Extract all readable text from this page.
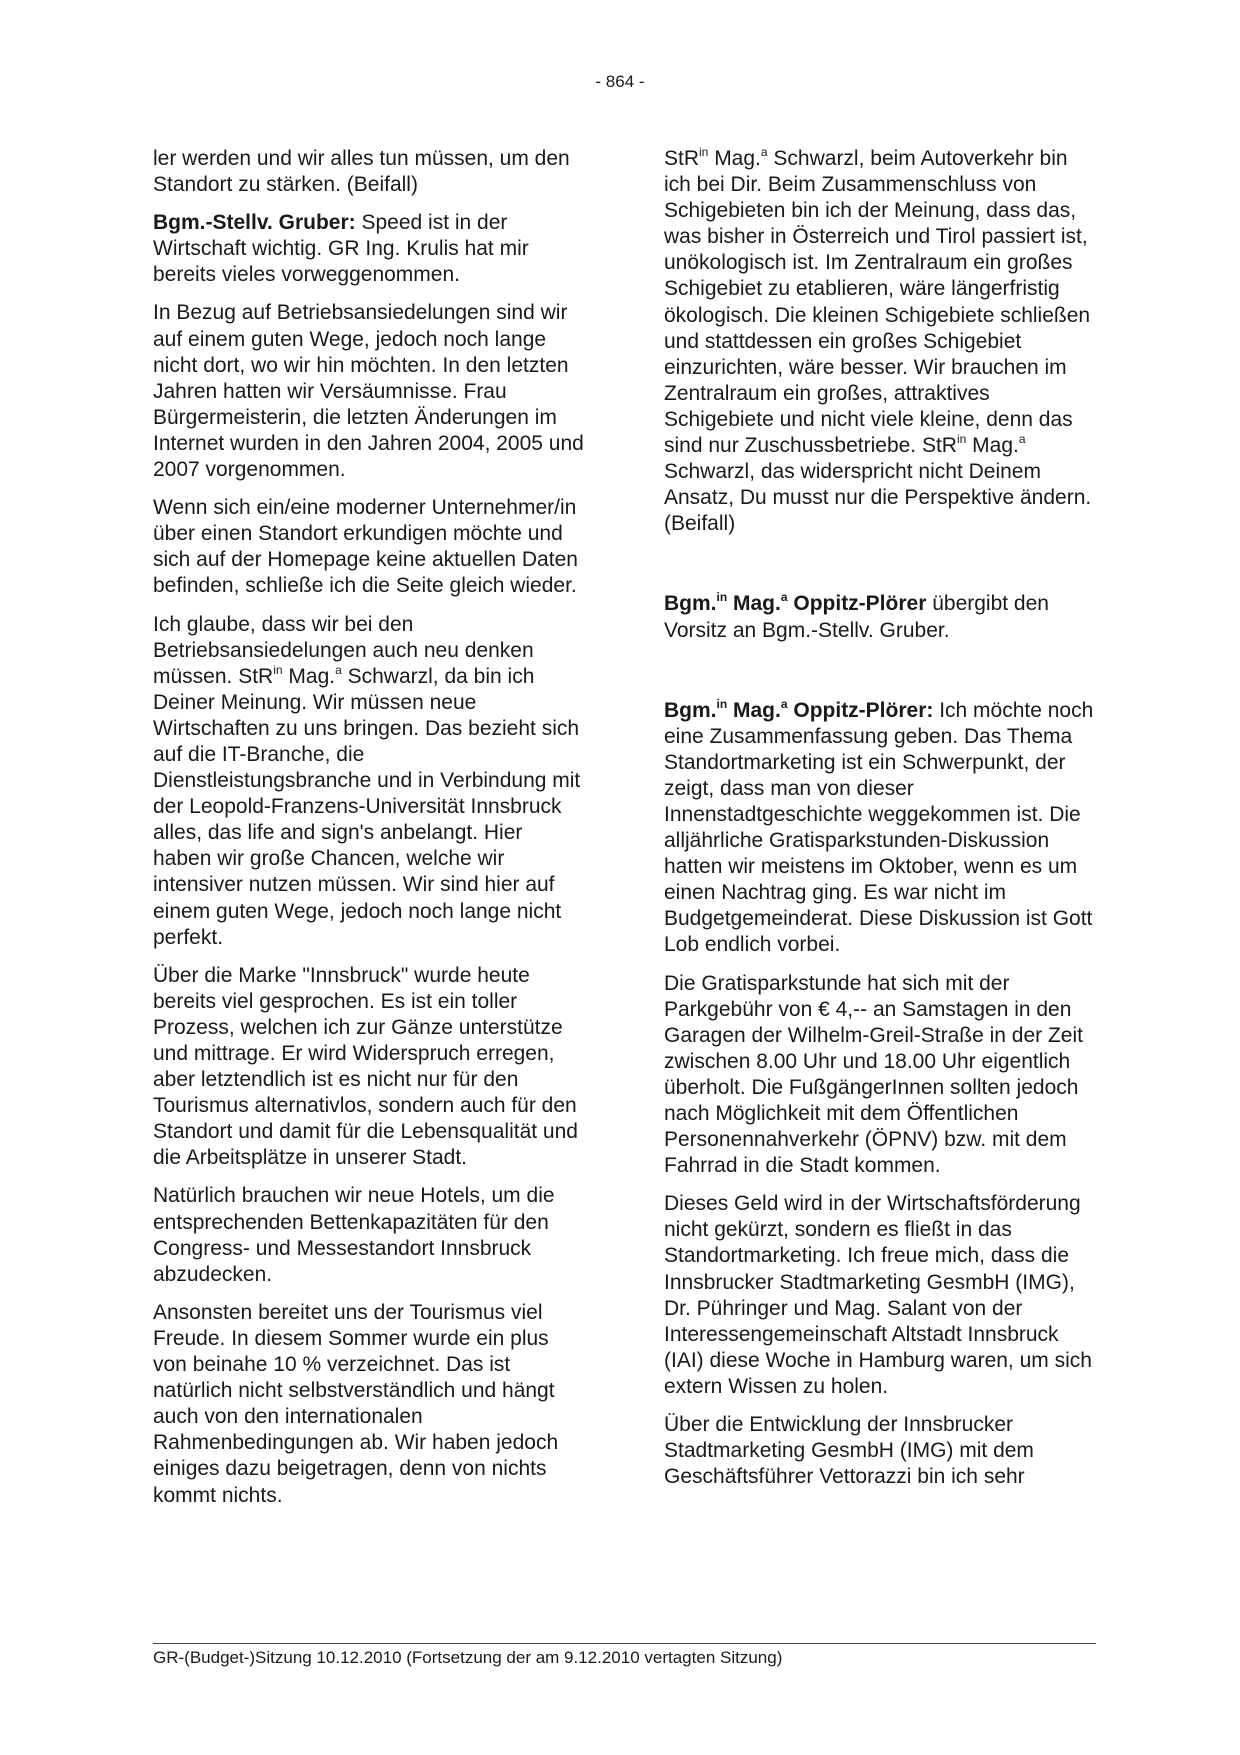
- 864 -

ler werden und wir alles tun müssen, um den Standort zu stärken. (Beifall)

Bgm.-Stellv. Gruber: Speed ist in der Wirtschaft wichtig. GR Ing. Krulis hat mir bereits vieles vorweggenommen.

In Bezug auf Betriebsansiedelungen sind wir auf einem guten Wege, jedoch noch lange nicht dort, wo wir hin möchten. In den letzten Jahren hatten wir Versäumnisse. Frau Bürgermeisterin, die letzten Änderungen im Internet wurden in den Jahren 2004, 2005 und 2007 vorgenommen.

Wenn sich ein/eine moderner Unternehmer/in über einen Standort erkundigen möchte und sich auf der Homepage keine aktuellen Daten befinden, schließe ich die Seite gleich wieder.

Ich glaube, dass wir bei den Betriebsansiedelungen auch neu denken müssen. StR$^{in}$ Mag.$^a$ Schwarzl, da bin ich Deiner Meinung. Wir müssen neue Wirtschaften zu uns bringen. Das bezieht sich auf die IT-Branche, die Dienstleistungsbranche und in Verbindung mit der Leopold-Franzens-Universität Innsbruck alles, das life and sign's anbelangt. Hier haben wir große Chancen, welche wir intensiver nutzen müssen. Wir sind hier auf einem guten Wege, jedoch noch lange nicht perfekt.

Über die Marke "Innsbruck" wurde heute bereits viel gesprochen. Es ist ein toller Prozess, welchen ich zur Gänze unterstütze und mittrage. Er wird Widerspruch erregen, aber letztendlich ist es nicht nur für den Tourismus alternativlos, sondern auch für den Standort und damit für die Lebensqualität und die Arbeitsplätze in unserer Stadt.

Natürlich brauchen wir neue Hotels, um die entsprechenden Bettenkapazitäten für den Congress- und Messestandort Innsbruck abzudecken.

Ansonsten bereitet uns der Tourismus viel Freude. In diesem Sommer wurde ein plus von beinahe 10 % verzeichnet. Das ist natürlich nicht selbstverständlich und hängt auch von den internationalen Rahmenbedingungen ab. Wir haben jedoch einiges dazu beigetragen, denn von nichts kommt nichts.

StR$^{in}$ Mag.$^a$ Schwarzl, beim Autoverkehr bin ich bei Dir. Beim Zusammenschluss von Schigebieten bin ich der Meinung, dass das, was bisher in Österreich und Tirol passiert ist, unökologisch ist. Im Zentralraum ein großes Schigebiet zu etablieren, wäre längerfristig ökologisch. Die kleinen Schigebiete schließen und stattdessen ein großes Schigebiet einzurichten, wäre besser. Wir brauchen im Zentralraum ein großes, attraktives Schigebiete und nicht viele kleine, denn das sind nur Zuschussbetriebe. StR$^{in}$ Mag.$^a$ Schwarzl, das widerspricht nicht Deinem Ansatz, Du musst nur die Perspektive ändern. (Beifall)

Bgm.$^{in}$ Mag.$^a$ Oppitz-Plörer übergibt den Vorsitz an Bgm.-Stellv. Gruber.

Bgm.$^{in}$ Mag.$^a$ Oppitz-Plörer: Ich möchte noch eine Zusammenfassung geben. Das Thema Standortmarketing ist ein Schwerpunkt, der zeigt, dass man von dieser Innenstadtgeschichte weggekommen ist. Die alljährliche Gratisparkstunden-Diskussion hatten wir meistens im Oktober, wenn es um einen Nachtrag ging. Es war nicht im Budgetgemeinderat. Diese Diskussion ist Gott Lob endlich vorbei.

Die Gratisparkstunde hat sich mit der Parkgebühr von € 4,-- an Samstagen in den Garagen der Wilhelm-Greil-Straße in der Zeit zwischen 8.00 Uhr und 18.00 Uhr eigentlich überholt. Die FußgängerInnen sollten jedoch nach Möglichkeit mit dem Öffentlichen Personennahverkehr (ÖPNV) bzw. mit dem Fahrrad in die Stadt kommen.

Dieses Geld wird in der Wirtschaftsförderung nicht gekürzt, sondern es fließt in das Standortmarketing. Ich freue mich, dass die Innsbrucker Stadtmarketing GesmbH (IMG), Dr. Pühringer und Mag. Salant von der Interessengemeinschaft Altstadt Innsbruck (IAI) diese Woche in Hamburg waren, um sich extern Wissen zu holen.

Über die Entwicklung der Innsbrucker Stadtmarketing GesmbH (IMG) mit dem Geschäftsführer Vettorazzi bin ich sehr

GR-(Budget-)Sitzung 10.12.2010 (Fortsetzung der am 9.12.2010 vertagten Sitzung)
